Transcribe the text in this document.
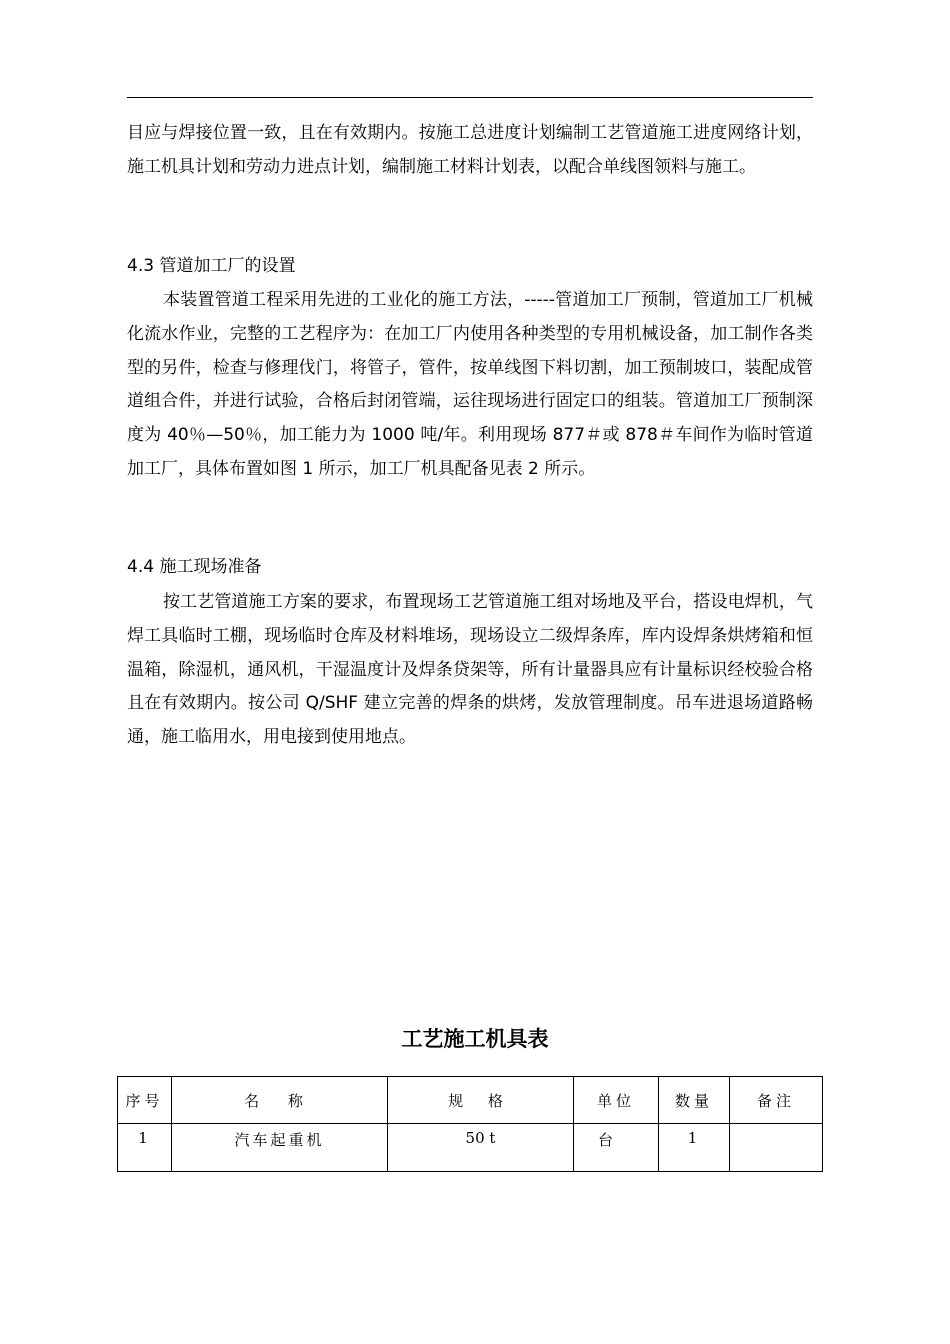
目应与焊接位置一致，且在有效期内。按施工总进度计划编制工艺管道施工进度网络计划，施工机具计划和劳动力进点计划，编制施工材料计划表，以配合单线图领料与施工。

4.3 管道加工厂的设置

本装置管道工程采用先进的工业化的施工方法，-----管道加工厂预制，管道加工厂机械化流水作业，完整的工艺程序为：在加工厂内使用各种类型的专用机械设备，加工制作各类型的另件，检查与修理伐门，将管子，管件，按单线图下料切割，加工预制坡口，装配成管道组合件，并进行试验，合格后封闭管端，运往现场进行固定口的组装。管道加工厂预制深度为 40％—50％，加工能力为 1000 吨/年。利用现场 877＃或 878＃车间作为临时管道加工厂，具体布置如图 1 所示，加工厂机具配备见表 2 所示。

4.4 施工现场准备

按工艺管道施工方案的要求，布置现场工艺管道施工组对场地及平台，搭设电焊机，气焊工具临时工棚，现场临时仓库及材料堆场，现场设立二级焊条库，库内设焊条烘烤箱和恒温箱，除湿机，通风机，干湿温度计及焊条贷架等，所有计量器具应有计量标识经校验合格且在有效期内。按公司 Q/SHF 建立完善的焊条的烘烤，发放管理制度。吊车进退场道路畅通，施工临用水，用电接到使用地点。

工艺施工机具表
序号	名 称	规 格	单位	数量	备注
1	汽车起重机	50 t	台	1	
